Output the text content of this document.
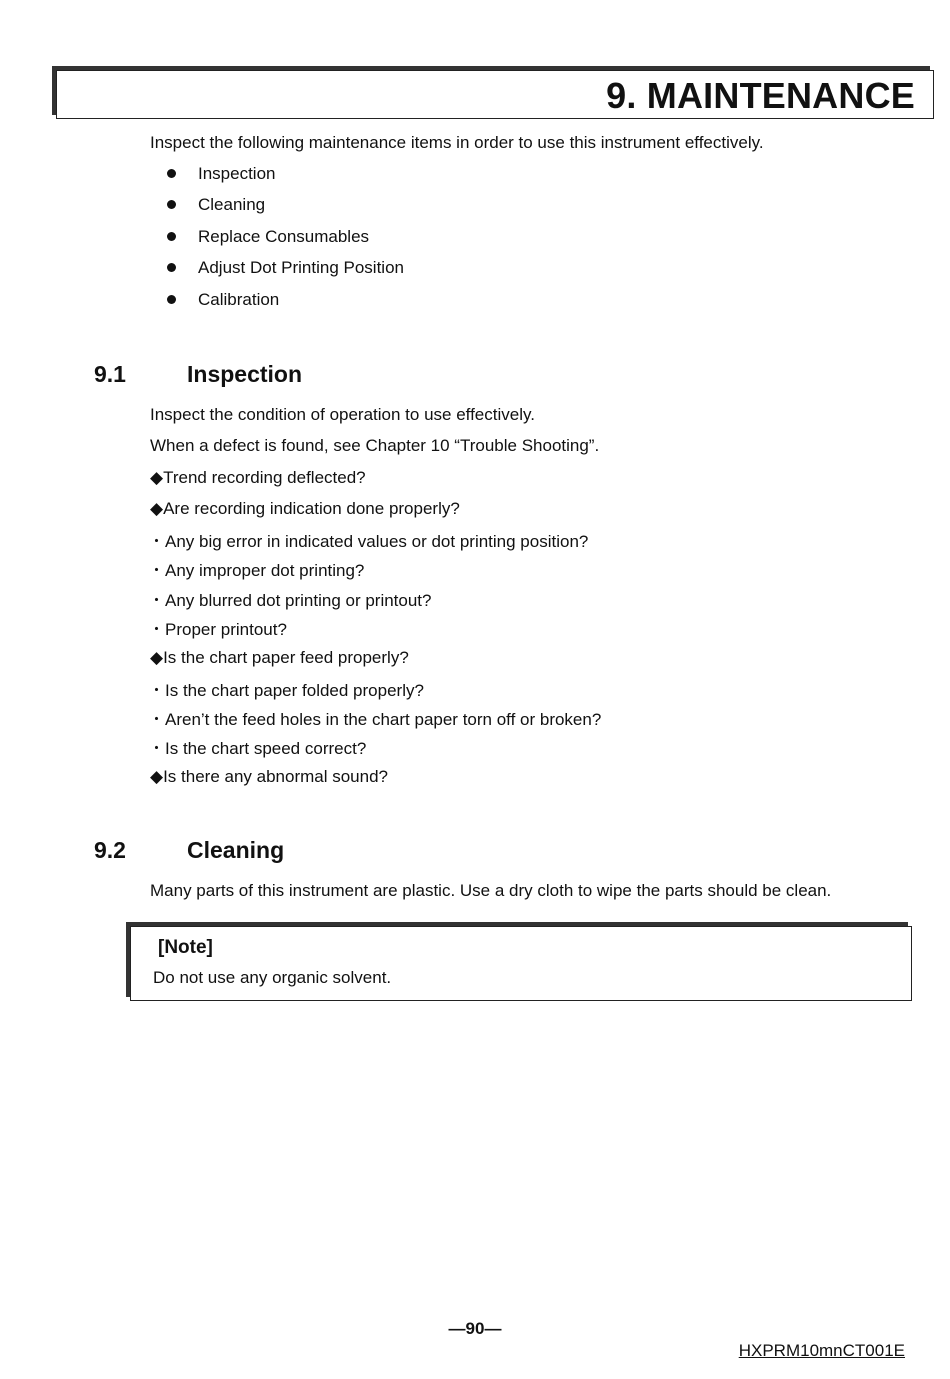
9. MAINTENANCE
Inspect the following maintenance items in order to use this instrument effectively.
Inspection
Cleaning
Replace Consumables
Adjust Dot Printing Position
Calibration
9.1	Inspection
Inspect the condition of operation to use effectively.
When a defect is found, see Chapter 10 “Trouble Shooting”.
◆Trend recording deflected?
◆Are recording indication done properly?
・Any big error in indicated values or dot printing position?
・Any improper dot printing?
・Any blurred dot printing or printout?
・Proper printout?
◆Is the chart paper feed properly?
・Is the chart paper folded properly?
・Aren’t the feed holes in the chart paper torn off or broken?
・Is the chart speed correct?
◆Is there any abnormal sound?
9.2	Cleaning
Many parts of this instrument are plastic. Use a dry cloth to wipe the parts should be clean.
[Note]
Do not use any organic solvent.
—90—
HXPRM10mnCT001E
